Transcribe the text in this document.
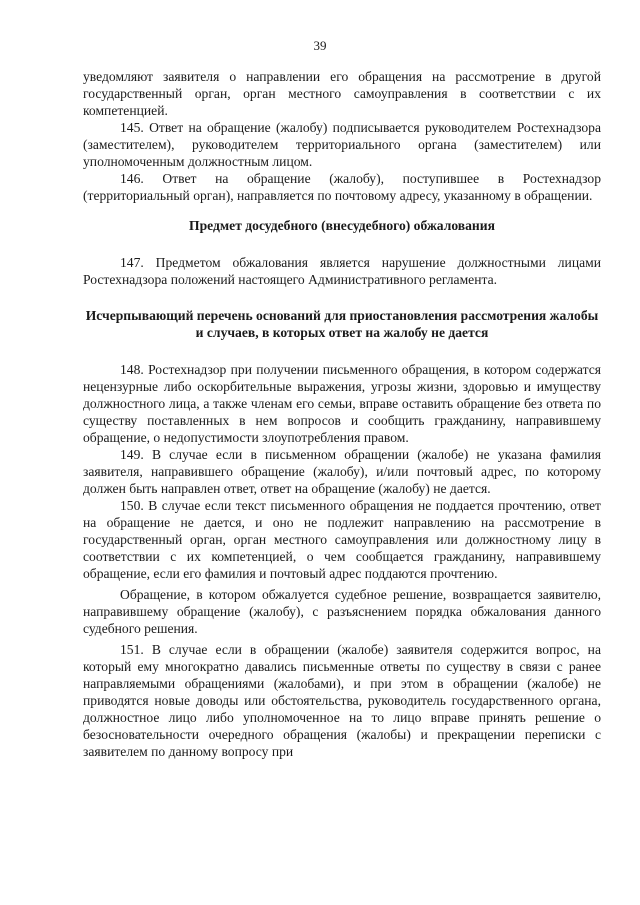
39

уведомляют заявителя о направлении его обращения на рассмотрение в другой государственный орган, орган местного самоуправления в соответствии с их компетенцией.

145. Ответ на обращение (жалобу) подписывается руководителем Ростехнадзора (заместителем), руководителем территориального органа (заместителем) или уполномоченным должностным лицом.

146. Ответ на обращение (жалобу), поступившее в Ростехнадзор (территориальный орган), направляется по почтовому адресу, указанному в обращении.

Предмет досудебного (внесудебного) обжалования

147. Предметом обжалования является нарушение должностными лицами Ростехнадзора положений настоящего Административного регламента.

Исчерпывающий перечень оснований для приостановления рассмотрения жалобы и случаев, в которых ответ на жалобу не дается

148. Ростехнадзор при получении письменного обращения, в котором содержатся нецензурные либо оскорбительные выражения, угрозы жизни, здоровью и имуществу должностного лица, а также членам его семьи, вправе оставить обращение без ответа по существу поставленных в нем вопросов и сообщить гражданину, направившему обращение, о недопустимости злоупотребления правом.

149. В случае если в письменном обращении (жалобе) не указана фамилия заявителя, направившего обращение (жалобу), и/или почтовый адрес, по которому должен быть направлен ответ, ответ на обращение (жалобу) не дается.

150. В случае если текст письменного обращения не поддается прочтению, ответ на обращение не дается, и оно не подлежит направлению на рассмотрение в государственный орган, орган местного самоуправления или должностному лицу в соответствии с их компетенцией, о чем сообщается гражданину, направившему обращение, если его фамилия и почтовый адрес поддаются прочтению.

Обращение, в котором обжалуется судебное решение, возвращается заявителю, направившему обращение (жалобу), с разъяснением порядка обжалования данного судебного решения.

151. В случае если в обращении (жалобе) заявителя содержится вопрос, на который ему многократно давались письменные ответы по существу в связи с ранее направляемыми обращениями (жалобами), и при этом в обращении (жалобе) не приводятся новые доводы или обстоятельства, руководитель государственного органа, должностное лицо либо уполномоченное на то лицо вправе принять решение о безосновательности очередного обращения (жалобы) и прекращении переписки с заявителем по данному вопросу при
